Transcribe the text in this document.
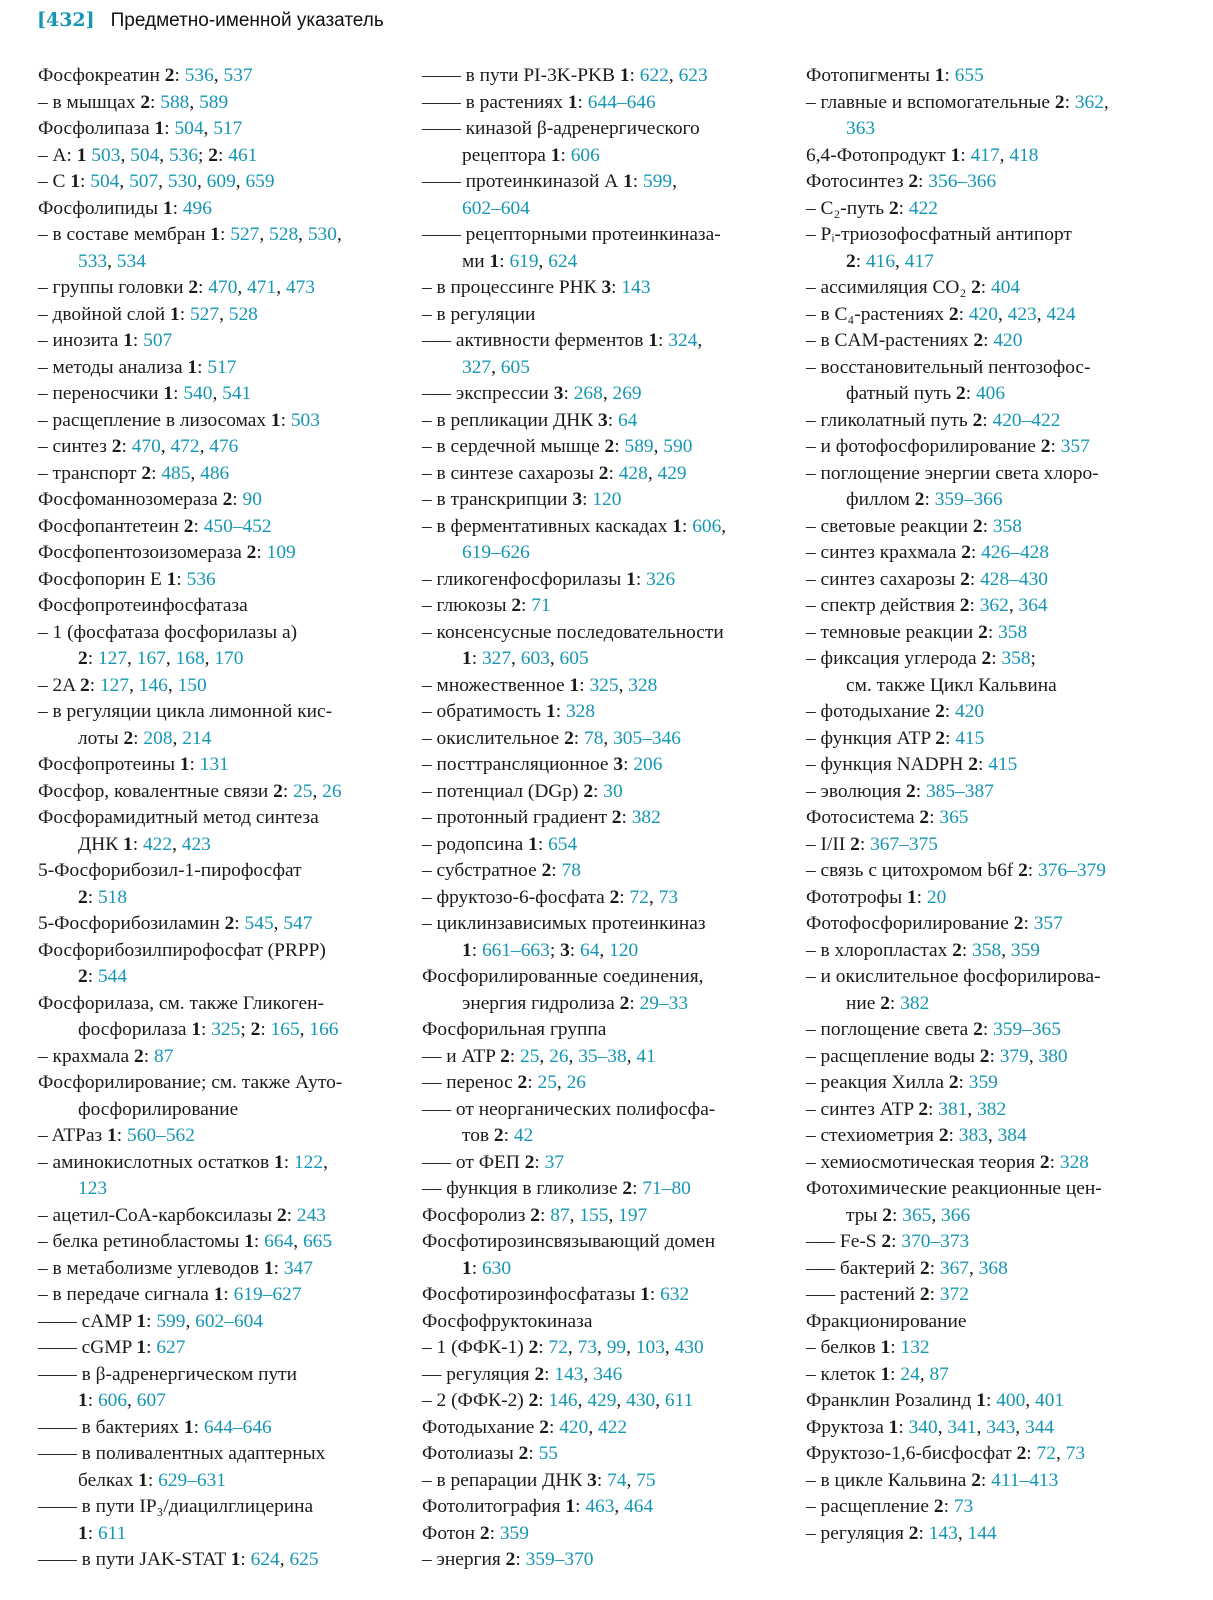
[432] Предметно-именной указатель
Фосфокреатин 2: 536, 537
– в мышцах 2: 588, 589
Фосфолипаза 1: 504, 517
– А: 1 503, 504, 536; 2: 461
– С 1: 504, 507, 530, 609, 659
Фосфолипиды 1: 496
– в составе мембран 1: 527, 528, 530,
533, 534
– группы головки 2: 470, 471, 473
– двойной слой 1: 527, 528
– инозита 1: 507
– методы анализа 1: 517
– переносчики 1: 540, 541
– расщепление в лизосомах 1: 503
– синтез 2: 470, 472, 476
– транспорт 2: 485, 486
Фосфоманнозомераза 2: 90
Фосфопантетеин 2: 450–452
Фосфопентозоизомераза 2: 109
Фосфопорин Е 1: 536
Фосфопротеинфосфатаза
– 1 (фосфатаза фосфорилазы а)
2: 127, 167, 168, 170
– 2A 2: 127, 146, 150
– в регуляции цикла лимонной кис-
лоты 2: 208, 214
Фосфопротеины 1: 131
Фосфор, ковалентные связи 2: 25, 26
Фосфорамидитный метод синтеза
ДНК 1: 422, 423
5-Фосфорибозил-1-пирофосфат
2: 518
5-Фосфорибозиламин 2: 545, 547
Фосфорибозилпирофосфат (PRPP)
2: 544
Фосфорилаза, см. также Гликоген-
фосфорилаза 1: 325; 2: 165, 166
– крахмала 2: 87
Фосфорилирование; см. также Ауто-
фосфорилирование
– ATPаз 1: 560–562
– аминокислотных остатков 1: 122,
123
– ацетил-CoA-карбоксилазы 2: 243
– белка ретинобластомы 1: 664, 665
– в метаболизме углеводов 1: 347
– в передаче сигнала 1: 619–627
–––– cAMP 1: 599, 602–604
–––– cGMP 1: 627
–––– в β-адренергическом пути
1: 606, 607
–––– в бактериях 1: 644–646
–––– в поливалентных адаптерных
белках 1: 629–631
–––– в пути IP₃/диацилглицерина
1: 611
–––– в пути JAK-STAT 1: 624, 625
–––– в пути PI-3K-PKB 1: 622, 623
–––– в растениях 1: 644–646
–––– киназой β-адренергического
рецептора 1: 606
–––– протеинкиназой А 1: 599,
602–604
–––– рецепторными протеинкиназа-
ми 1: 619, 624
– в процессинге РНК 3: 143
– в регуляции
––– активности ферментов 1: 324,
327, 605
––– экспрессии 3: 268, 269
– в репликации ДНК 3: 64
– в сердечной мышце 2: 589, 590
– в синтезе сахарозы 2: 428, 429
– в транскрипции 3: 120
– в ферментативных каскадах 1: 606,
619–626
– гликогенфосфорилазы 1: 326
– глюкозы 2: 71
– консенсусные последовательности
1: 327, 603, 605
– множественное 1: 325, 328
– обратимость 1: 328
– окислительное 2: 78, 305–346
– посттрансляционное 3: 206
– потенциал (DGp) 2: 30
– протонный градиент 2: 382
– родопсина 1: 654
– субстратное 2: 78
– фруктозо-6-фосфата 2: 72, 73
– циклинзависимых протеинкиназ
1: 661–663; 3: 64, 120
Фосфорилированные соединения,
энергия гидролиза 2: 29–33
Фосфорильная группа
–– и ATP 2: 25, 26, 35–38, 41
–– перенос 2: 25, 26
––– от неорганических полифосфа-
тов 2: 42
––– от ФЕП 2: 37
–– функция в гликолизе 2: 71–80
Фосфоролиз 2: 87, 155, 197
Фосфотирозинсвязывающий домен
1: 630
Фосфотирозинфосфатазы 1: 632
Фосфофруктокиназа
– 1 (ФФК-1) 2: 72, 73, 99, 103, 430
–– регуляция 2: 143, 346
– 2 (ФФК-2) 2: 146, 429, 430, 611
Фотодыхание 2: 420, 422
Фотолиазы 2: 55
– в репарации ДНК 3: 74, 75
Фотолитография 1: 463, 464
Фотон 2: 359
– энергия 2: 359–370
Фотопигменты 1: 655
– главные и вспомогательные 2: 362,
363
6,4-Фотопродукт 1: 417, 418
Фотосинтез 2: 356–366
– C₂-путь 2: 422
– Pᵢ-триозофосфатный антипорт
2: 416, 417
– ассимиляция CO₂ 2: 404
– в C₄-растениях 2: 420, 423, 424
– в CAM-растениях 2: 420
– восстановительный пентозофос-
фатный путь 2: 406
– гликолатный путь 2: 420–422
– и фотофосфорилирование 2: 357
– поглощение энергии света хлоро-
филлом 2: 359–366
– световые реакции 2: 358
– синтез крахмала 2: 426–428
– синтез сахарозы 2: 428–430
– спектр действия 2: 362, 364
– темновые реакции 2: 358
– фиксация углерода 2: 358;
см. также Цикл Кальвина
– фотодыхание 2: 420
– функция ATP 2: 415
– функция NADPH 2: 415
– эволюция 2: 385–387
Фотосистема 2: 365
– I/II 2: 367–375
– связь с цитохромом b6f 2: 376–379
Фототрофы 1: 20
Фотофосфорилирование 2: 357
– в хлоропластах 2: 358, 359
– и окислительное фосфорилирова-
ние 2: 382
– поглощение света 2: 359–365
– расщепление воды 2: 379, 380
– реакция Хилла 2: 359
– синтез ATP 2: 381, 382
– стехиометрия 2: 383, 384
– хемиосмотическая теория 2: 328
Фотохимические реакционные цен-
тры 2: 365, 366
––– Fe-S 2: 370–373
––– бактерий 2: 367, 368
––– растений 2: 372
Фракционирование
– белков 1: 132
– клеток 1: 24, 87
Франклин Розалинд 1: 400, 401
Фруктоза 1: 340, 341, 343, 344
Фруктозо-1,6-бисфосфат 2: 72, 73
– в цикле Кальвина 2: 411–413
– расщепление 2: 73
– регуляция 2: 143, 144
